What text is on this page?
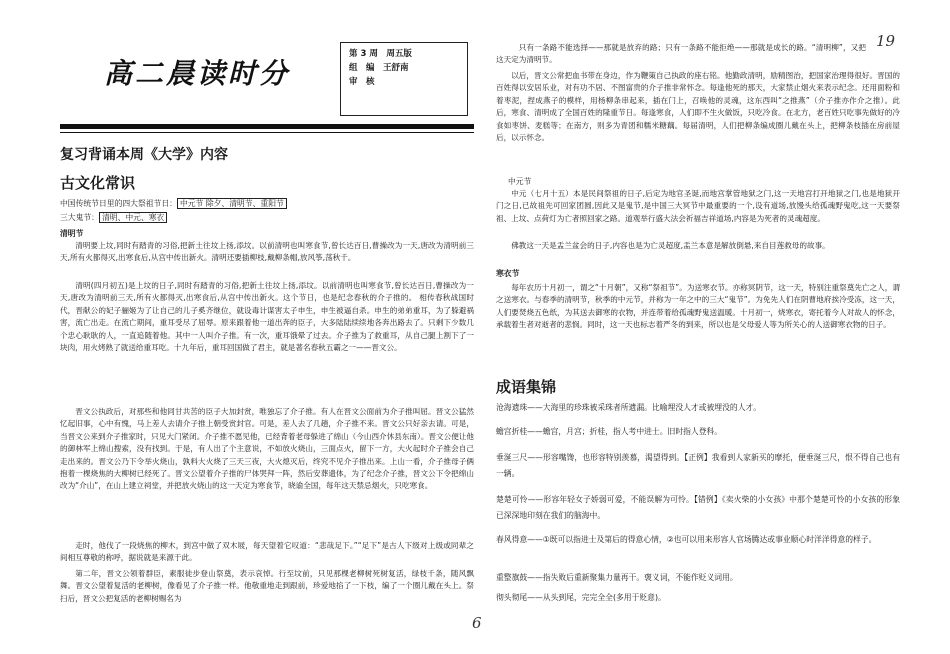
高二晨读时分
第 3 周　周五版
组　编　王舒南
审　核
19
6
复习背诵本周《大学》内容
古文化常识
中国传统节日里的四大祭祖节日： 中元节 除夕、清明节、重阳节
三大鬼节： 清明、中元、寒衣
清明节
清明要上坟,同时有踏青的习俗,把新土往坟上扬,添坟。以前清明也叫寒食节,曾长达百日,曹操改为一天,唐改为清明前三天,所有火都得灭,出寒食后,从宫中传出新火。清明还要插柳枝,戴柳条帽,放风筝,荡秋千。
清明(四月初五)是上坟的日子,同时有踏青的习俗,把新土往坟上扬,添坟。以前清明也叫寒食节,曾长达百日,曹操改为一天,唐改为清明前三天,所有火都得灭,出寒食后,从宫中传出新火。这个节日，也是纪念春秋的介子推的。 相传春秋战国时代，晋献公的妃子骊姬为了让自己的儿子奚齐继位，就设毒计谋害太子申生，申生被逼自杀。申生的弟弟重耳，为了躲避祸害，流亡出走。在流亡期间，重耳受尽了屈辱。原来跟着他一道出奔的臣子，大多陆陆续续地各奔出路去了。只剩下少数几个忠心耿耿的人，一直追随着他。其中一人叫介子推。有一次，重耳饿晕了过去。介子推为了救重耳，从自己腿上割下了一块肉，用火烤熟了就送给重耳吃。十九年后，重耳回国做了君主，就是著名春秋五霸之一——晋文公。
晋文公执政后，对那些和他同甘共苦的臣子大加封赏，唯独忘了介子推。有人在晋文公面前为介子推叫屈。晋文公猛然忆起旧事，心中有愧，马上差人去请介子推上朝受赏封官。可是，差人去了几趟，介子推不来。晋文公只好亲去请。可是，当晋文公来到介子推家时，只见大门紧闭。介子推不愿见他，已经背着老母躲进了绵山（今山西介休县东南）。晋文公便让他的御林军上绵山搜索，没有找到。于是，有人出了个主意说，不如放火烧山，三面点火，留下一方，大火起时介子推会自己走出来的。晋文公乃下令举火烧山，孰料大火烧了三天三夜，大火熄灭后，终究不见介子推出来。上山一看，介子推母子俩抱着一棵烧焦的大柳树已经死了。晋文公望着介子推的尸体哭拜一阵，然后安葬遗体，为了纪念介子推，晋文公下令把绵山改为“介山”，在山上建立祠堂，并把放火烧山的这一天定为寒食节，晓谕全国，每年这天禁忌烟火，只吃寒食。
走时，他伐了一段烧焦的柳木，到宫中做了双木屐，每天望着它叹道：“悲哉足下。”“足下”是古人下级对上级或同辈之间相互尊敬的称呼，据说就是来源于此。
第二年，晋文公领着群臣，素服徒步登山祭奠，表示哀悼。行至坟前，只见那棵老柳树死树复活，绿枝千条，随风飘舞。晋文公望着复活的老柳树，像看见了介子推一样。他敬重地走到跟前，珍爱地掐了一下枝，编了一个圈儿戴在头上。祭扫后，晋文公把复活的老柳树赐名为
只有一条路不能选择——那就是放弃的路；只有一条路不能拒绝——那就是成长的路。“清明柳”，又把这天定为清明节。
以后，晋文公常把血书带在身边，作为鞭策自己执政的座右铭。他勤政清明，励精图治，把国家治理得很好。晋国的百姓得以安居乐业，对有功不居、不图富贵的介子推非常怀念。每逢他死的那天，大家禁止烟火来表示纪念。还用面粉和着枣泥，捏成燕子的模样，用杨柳条串起来，插在门上，召唤他的灵魂，这东西叫“之推燕”（介子推亦作介之推）。此后，寒食、清明成了全国百姓的隆重节日。每逢寒食，人们即不生火做饭，只吃冷食。在北方，老百姓只吃事先做好的冷食如枣饼、麦糕等；在南方，则多为青团和糯米糖藕。每届清明，人们把柳条编成圈儿戴在头上，把柳条枝插在房前屋后，以示怀念。
中元节
中元（七月十五）本是民间祭祖的日子,后定为地官圣诞,而地宫掌管地狱之门,这一天地宫打开地狱之门,也是地狱开门之日,已故祖先可回家团圆,因此又是鬼节,是中国三大冥节中最重要的一个,设有道场,放馒头给孤魂野鬼吃,这一天要祭祖、上坟、点荷灯为亡者照回家之路。道观举行盛大法会祈福吉祥道场,内容是为死者的灵魂超度。
佛教这一天是盂兰盆会的日子,内容也是为亡灵超度,盂兰本意是解放倒悬,来自目莲救母的故事。
寒衣节
每年农历十月初一，谓之“十月朝”，又称“祭祖节”。为送寒衣节。亦称冥阴节，这一天，特别注重祭奠先亡之人，谓之送寒衣。与春季的清明节，秋季的中元节，并称为一年之中的三大“鬼节”。为免先人们在阴曹地府挨冷受冻，这一天，人们要焚烧五色纸，为其送去御寒的衣物，并连带着给孤魂野鬼送温暖。十月初一，烧寒衣，寄托着今人对故人的怀念，承载着生者对逝者的悲悯。同时，这一天也标志着严冬的到来，所以也是父母爱人等为所关心的人送御寒衣物的日子。
成语集锦
沧海遗珠——大海里的珍珠被采珠者所遗漏。比喻埋没人才或被埋没的人才。
蟾宫折桂——蟾宫，月宫；折桂，指人考中进士。旧时指人登科。
垂涎三尺——形容嘴馋，也形容特别羡慕，渴望得到。【正例】我看到人家新买的摩托，便垂涎三尺，恨不得自己也有一辆。
楚楚可怜——形容年轻女子娇弱可爱，不能误解为可怜。【错例】《卖火柴的小女孩》中那个楚楚可怜的小女孩的形象已深深地印刻在我们的脑海中。
春风得意——①既可以指进士及第后的得意心情，②也可以用来形容人官场腾达或事业顺心时洋洋得意的样子。
重整旗鼓——指失败后重新聚集力量再干。褒义词，不能作贬义词用。
彻头彻尾——从头到尾，完完全全(多用于贬意)。
